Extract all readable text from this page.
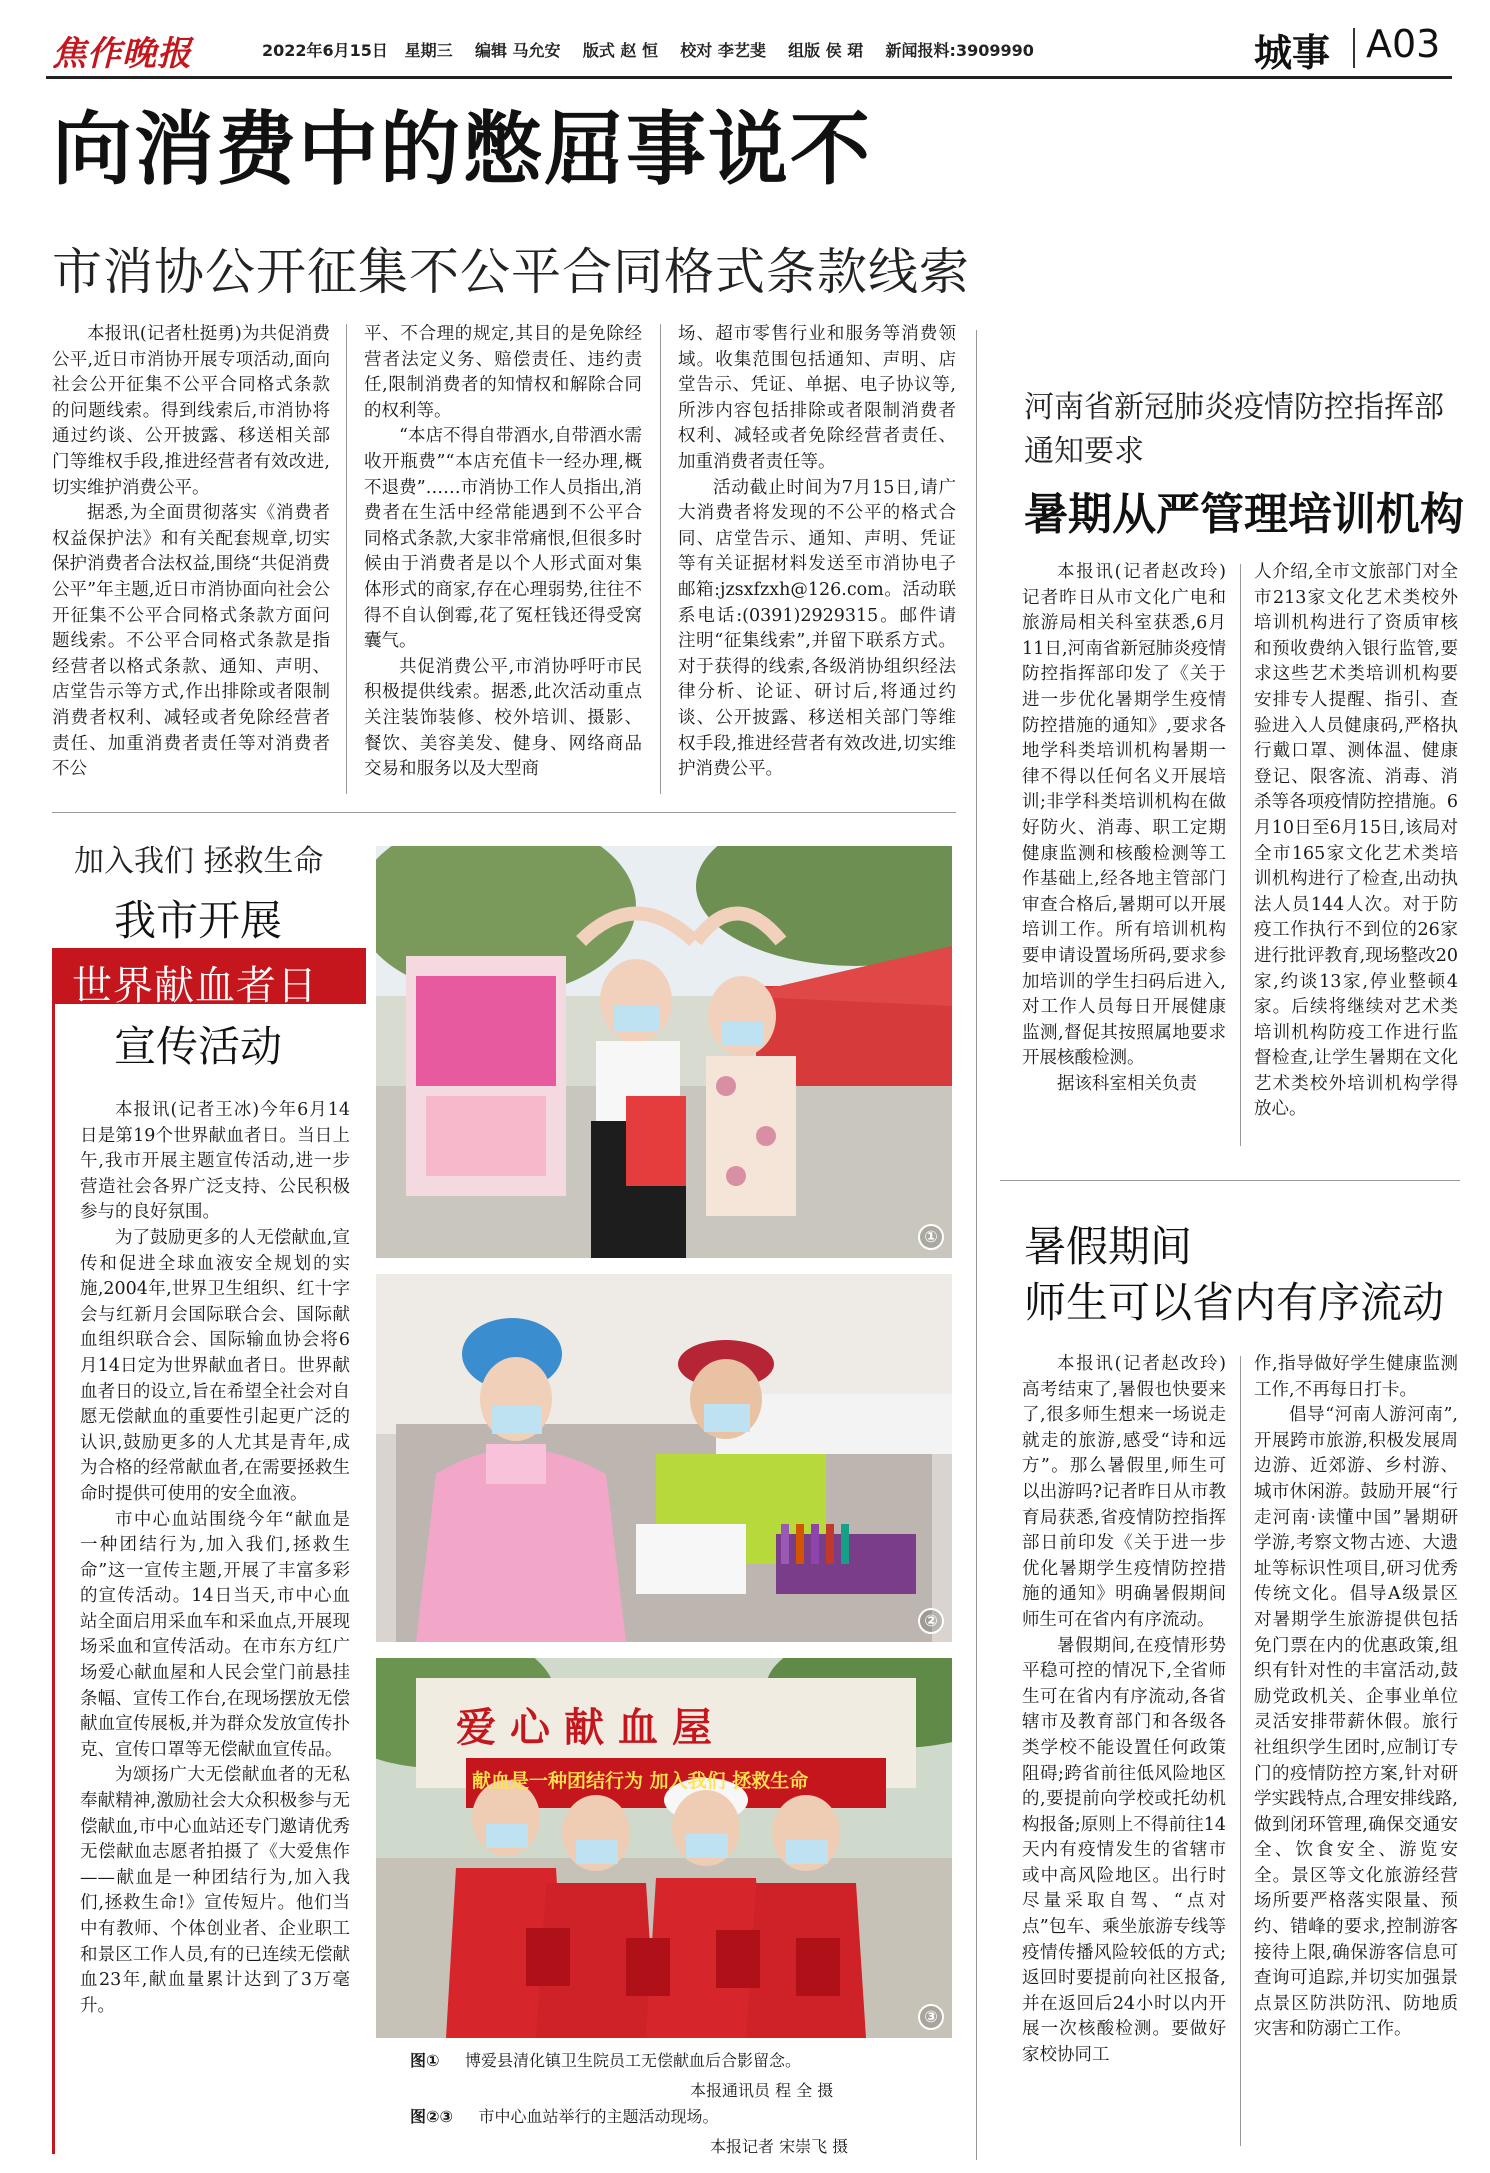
焦作晚报	2022年6月15日 星期三 编辑 马允安 版式 赵 恒 校对 李艺斐 组版 侯 珺 新闻报料:3909990	城事 A03
向消费中的憋屈事说不
市消协公开征集不公平合同格式条款线索

本报讯(记者杜挺勇)为共促消费公平,近日市消协开展专项活动,面向社会公开征集不公平合同格式条款的问题线索。得到线索后,市消协将通过约谈、公开披露、移送相关部门等维权手段,推进经营者有效改进,切实维护消费公平。

据悉,为全面贯彻落实《消费者权益保护法》和有关配套规章,切实保护消费者合法权益,围绕“共促消费公平”年主题,近日市消协面向社会公开征集不公平合同格式条款方面问题线索。不公平合同格式条款是指经营者以格式条款、通知、声明、店堂告示等方式,作出排除或者限制消费者权利、减轻或者免除经营者责任、加重消费者责任等对消费者不公

平、不合理的规定,其目的是免除经营者法定义务、赔偿责任、违约责任,限制消费者的知情权和解除合同的权利等。

“本店不得自带酒水,自带酒水需收开瓶费”“本店充值卡一经办理,概不退费”……市消协工作人员指出,消费者在生活中经常能遇到不公平合同格式条款,大家非常痛恨,但很多时候由于消费者是以个人形式面对集体形式的商家,存在心理弱势,往往不得不自认倒霉,花了冤枉钱还得受窝囊气。

共促消费公平,市消协呼吁市民积极提供线索。据悉,此次活动重点关注装饰装修、校外培训、摄影、餐饮、美容美发、健身、网络商品交易和服务以及大型商

场、超市零售行业和服务等消费领域。收集范围包括通知、声明、店堂告示、凭证、单据、电子协议等,所涉内容包括排除或者限制消费者权利、减轻或者免除经营者责任、加重消费者责任等。

活动截止时间为7月15日,请广大消费者将发现的不公平的格式合同、店堂告示、通知、声明、凭证等有关证据材料发送至市消协电子邮箱:jzsxfzxh@126.com。活动联系电话:(0391)2929315。邮件请注明“征集线索”,并留下联系方式。对于获得的线索,各级消协组织经法律分析、论证、研讨后,将通过约谈、公开披露、移送相关部门等维权手段,推进经营者有效改进,切实维护消费公平。

河南省新冠肺炎疫情防控指挥部通知要求
暑期从严管理培训机构

本报讯(记者赵改玲)记者昨日从市文化广电和旅游局相关科室获悉,6月11日,河南省新冠肺炎疫情防控指挥部印发了《关于进一步优化暑期学生疫情防控措施的通知》,要求各地学科类培训机构暑期一律不得以任何名义开展培训;非学科类培训机构在做好防火、消毒、职工定期健康监测和核酸检测等工作基础上,经各地主管部门审查合格后,暑期可以开展培训工作。所有培训机构要申请设置场所码,要求参加培训的学生扫码后进入,对工作人员每日开展健康监测,督促其按照属地要求开展核酸检测。

据该科室相关负责

人介绍,全市文旅部门对全市213家文化艺术类校外培训机构进行了资质审核和预收费纳入银行监管,要求这些艺术类培训机构要安排专人提醒、指引、查验进入人员健康码,严格执行戴口罩、测体温、健康登记、限客流、消毒、消杀等各项疫情防控措施。6月10日至6月15日,该局对全市165家文化艺术类培训机构进行了检查,出动执法人员144人次。对于防疫工作执行不到位的26家进行批评教育,现场整改20家,约谈13家,停业整顿4家。后续将继续对艺术类培训机构防疫工作进行监督检查,让学生暑期在文化艺术类校外培训机构学得放心。

暑假期间
师生可以省内有序流动

本报讯(记者赵改玲)高考结束了,暑假也快要来了,很多师生想来一场说走就走的旅游,感受“诗和远方”。那么暑假里,师生可以出游吗?记者昨日从市教育局获悉,省疫情防控指挥部日前印发《关于进一步优化暑期学生疫情防控措施的通知》明确暑假期间师生可在省内有序流动。

暑假期间,在疫情形势平稳可控的情况下,全省师生可在省内有序流动,各省辖市及教育部门和各级各类学校不能设置任何政策阻碍;跨省前往低风险地区的,要提前向学校或托幼机构报备;原则上不得前往14天内有疫情发生的省辖市或中高风险地区。出行时尽量采取自驾、“点对点”包车、乘坐旅游专线等疫情传播风险较低的方式;返回时要提前向社区报备,并在返回后24小时以内开展一次核酸检测。要做好家校协同工

作,指导做好学生健康监测工作,不再每日打卡。

倡导“河南人游河南”,开展跨市旅游,积极发展周边游、近郊游、乡村游、城市休闲游。鼓励开展“行走河南·读懂中国”暑期研学游,考察文物古迹、大遗址等标识性项目,研习优秀传统文化。倡导A级景区对暑期学生旅游提供包括免门票在内的优惠政策,组织有针对性的丰富活动,鼓励党政机关、企事业单位灵活安排带薪休假。旅行社组织学生团时,应制订专门的疫情防控方案,针对研学实践特点,合理安排线路,做到闭环管理,确保交通安全、饮食安全、游览安全。景区等文化旅游经营场所要严格落实限量、预约、错峰的要求,控制游客接待上限,确保游客信息可查询可追踪,并切实加强景点景区防洪防汛、防地质灾害和防溺亡工作。

加入我们 拯救生命
我市开展
世界献血者日
宣传活动

本报讯(记者王冰)今年6月14日是第19个世界献血者日。当日上午,我市开展主题宣传活动,进一步营造社会各界广泛支持、公民积极参与的良好氛围。

为了鼓励更多的人无偿献血,宣传和促进全球血液安全规划的实施,2004年,世界卫生组织、红十字会与红新月会国际联合会、国际献血组织联合会、国际输血协会将6月14日定为世界献血者日。世界献血者日的设立,旨在希望全社会对自愿无偿献血的重要性引起更广泛的认识,鼓励更多的人尤其是青年,成为合格的经常献血者,在需要拯救生命时提供可使用的安全血液。

市中心血站围绕今年“献血是一种团结行为,加入我们,拯救生命”这一宣传主题,开展了丰富多彩的宣传活动。14日当天,市中心血站全面启用采血车和采血点,开展现场采血和宣传活动。在市东方红广场爱心献血屋和人民会堂门前悬挂条幅、宣传工作台,在现场摆放无偿献血宣传展板,并为群众发放宣传扑克、宣传口罩等无偿献血宣传品。

为颂扬广大无偿献血者的无私奉献精神,激励社会大众积极参与无偿献血,市中心血站还专门邀请优秀无偿献血志愿者拍摄了《大爱焦作——献血是一种团结行为,加入我们,拯救生命!》宣传短片。他们当中有教师、个体创业者、企业职工和景区工作人员,有的已连续无偿献血23年,献血量累计达到了3万毫升。

①
②
爱心献血屋
献血是一种团结行为 加入我们 拯救生命
③
图① 博爱县清化镇卫生院员工无偿献血后合影留念。
本报通讯员 程 全 摄
图②③ 市中心血站举行的主题活动现场。
本报记者 宋崇飞 摄
